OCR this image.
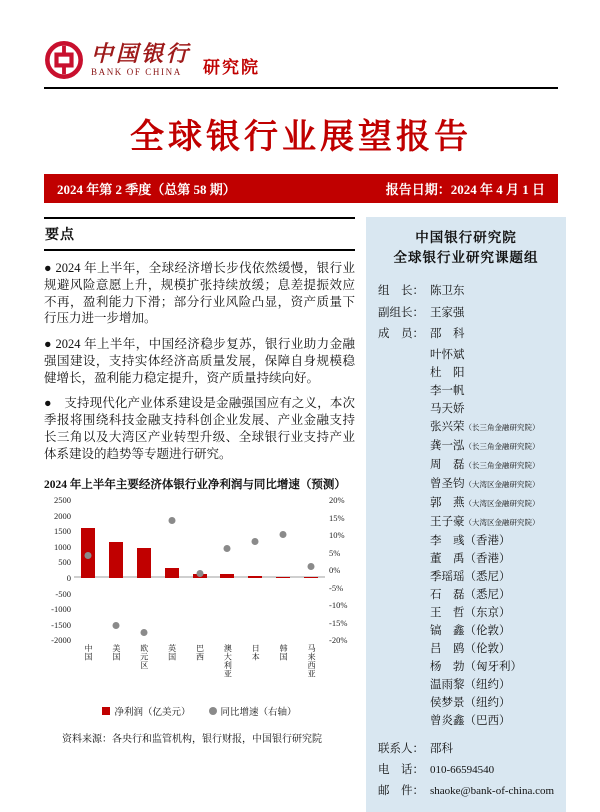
中国银行
BANK OF CHINA	研究院
全球银行业展望报告
2024 年第 2 季度（总第 58 期）	报告日期：2024 年 4 月 1 日
要点

● 2024 年上半年，全球经济增长步伐依然缓慢，银行业规避风险意愿上升，规模扩张持续放缓；息差提振效应不再，盈利能力下滑；部分行业风险凸显，资产质量下行压力进一步增加。

● 2024 年上半年，中国经济稳步复苏，银行业助力金融强国建设，支持实体经济高质量发展，保障自身规模稳健增长，盈利能力稳定提升，资产质量持续向好。

●　支持现代化产业体系建设是金融强国应有之义，本次季报将围绕科技金融支持科创企业发展、产业金融支持长三角以及大湾区产业转型升级、全球银行业支持产业体系建设的趋势等专题进行研究。

2024 年上半年主要经济体银行业净利润与同比增速（预测）
2500
2000
1500
1000
500
0
-500
-1000
-1500
-2000
20%
15%
10%
5%
0%
-5%
-10%
-15%
-20%
中国 美国 欧元区 英国 巴西 澳大利亚 日本 韩国 马来西亚
净利润（亿美元）	同比增速（右轴）
资料来源：各央行和监管机构，银行财报，中国银行研究院
中国银行研究院
全球银行业研究课题组
组　长： 陈卫东
副组长： 王家强
成　员： 邵　科
叶怀斌
杜　阳
李一帆
马天娇
张兴荣（长三角金融研究院）
龚一泓（长三角金融研究院）
周　磊（长三角金融研究院）
曾圣钧（大湾区金融研究院）
郭　燕（大湾区金融研究院）
王子豪（大湾区金融研究院）
李　彧（香港）
董　禹（香港）
季瑶瑶（悉尼）
石　磊（悉尼）
王　哲（东京）
镐　鑫（伦敦）
吕　鸥（伦敦）
杨　勃（匈牙利）
温雨黎（纽约）
侯梦景（纽约）
曾炎鑫（巴西）
联系人： 邵科
电　话： 010-66594540
邮　件： shaoke@bank-of-china.com
